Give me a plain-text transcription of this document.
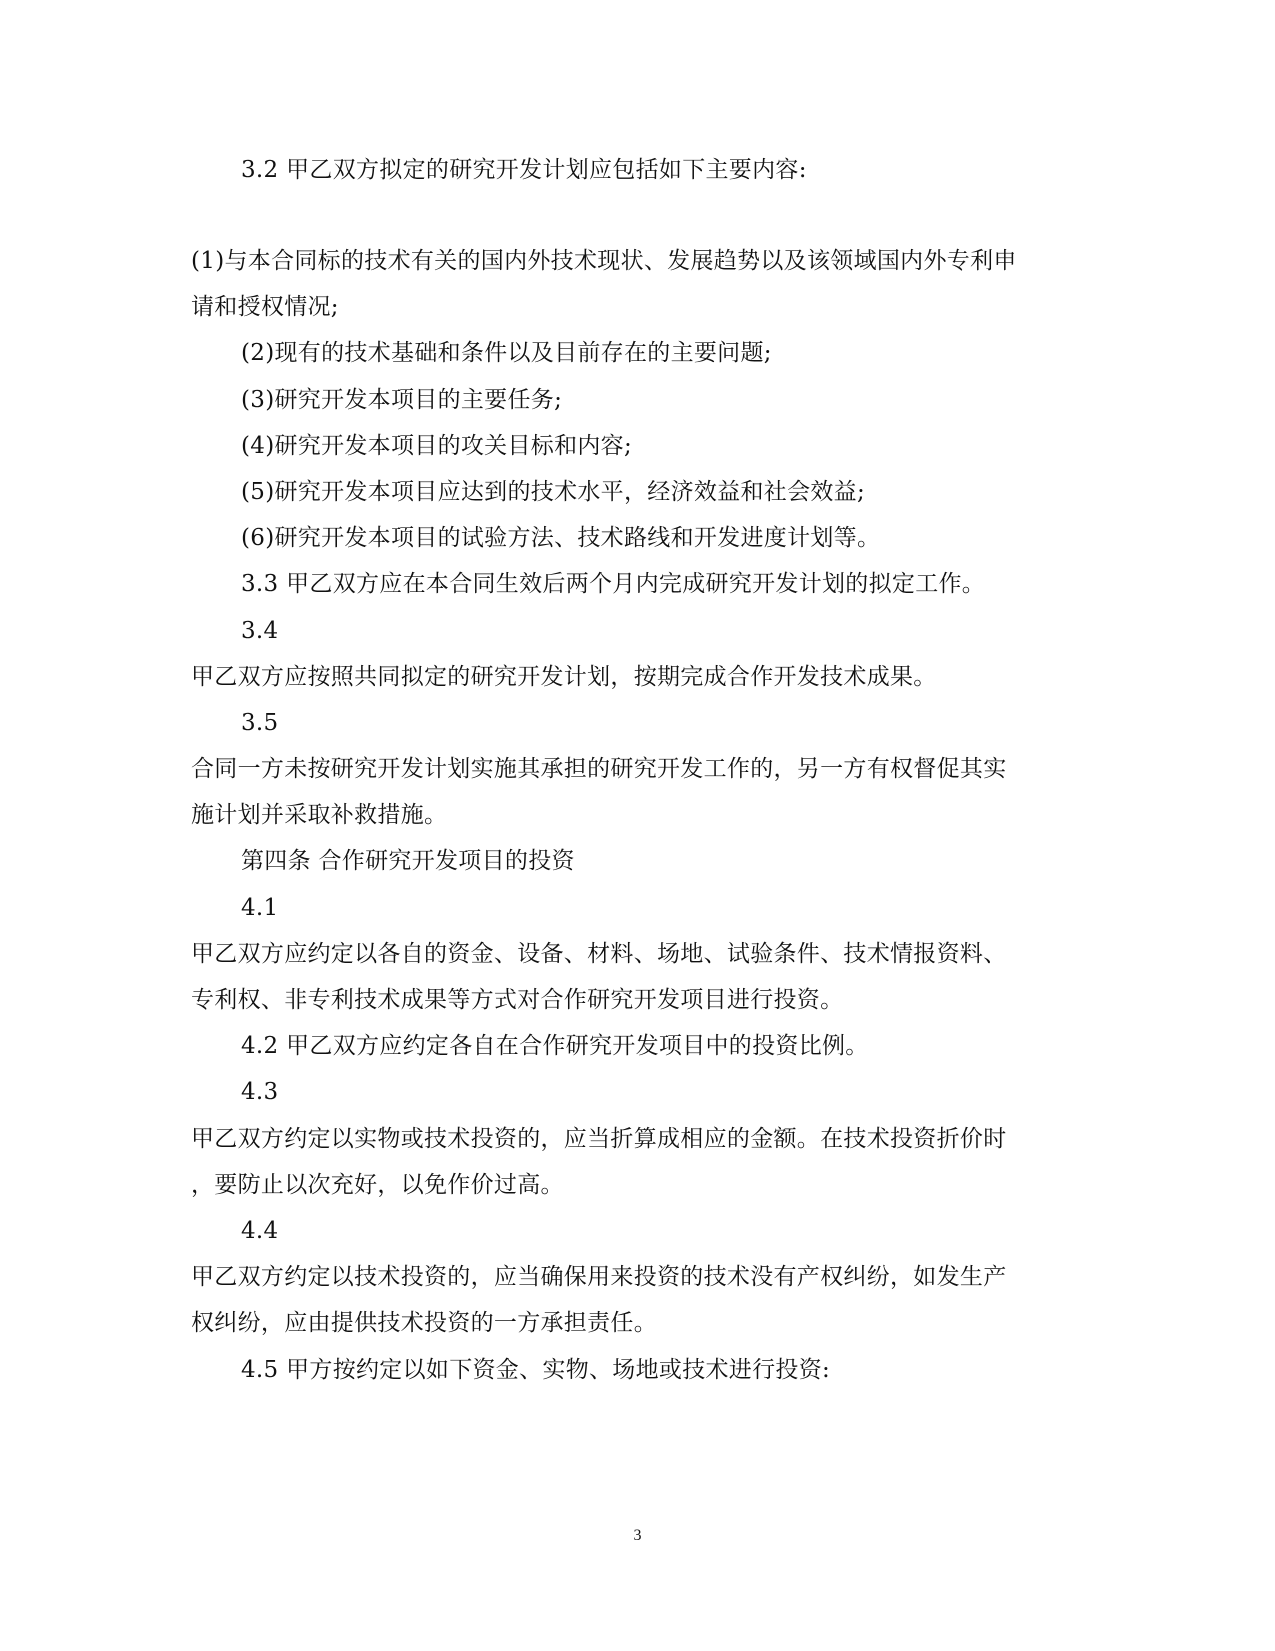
3.2 甲乙双方拟定的研究开发计划应包括如下主要内容:
(1)与本合同标的技术有关的国内外技术现状、发展趋势以及该领域国内外专利申
请和授权情况;
(2)现有的技术基础和条件以及目前存在的主要问题;
(3)研究开发本项目的主要任务;
(4)研究开发本项目的攻关目标和内容;
(5)研究开发本项目应达到的技术水平，经济效益和社会效益;
(6)研究开发本项目的试验方法、技术路线和开发进度计划等。
3.3 甲乙双方应在本合同生效后两个月内完成研究开发计划的拟定工作。
3.4
甲乙双方应按照共同拟定的研究开发计划，按期完成合作开发技术成果。
3.5
合同一方未按研究开发计划实施其承担的研究开发工作的，另一方有权督促其实
施计划并采取补救措施。
第四条 合作研究开发项目的投资
4.1
甲乙双方应约定以各自的资金、设备、材料、场地、试验条件、技术情报资料、
专利权、非专利技术成果等方式对合作研究开发项目进行投资。
4.2 甲乙双方应约定各自在合作研究开发项目中的投资比例。
4.3
甲乙双方约定以实物或技术投资的，应当折算成相应的金额。在技术投资折价时
，要防止以次充好，以免作价过高。
4.4
甲乙双方约定以技术投资的，应当确保用来投资的技术没有产权纠纷，如发生产
权纠纷，应由提供技术投资的一方承担责任。
4.5 甲方按约定以如下资金、实物、场地或技术进行投资:
3
